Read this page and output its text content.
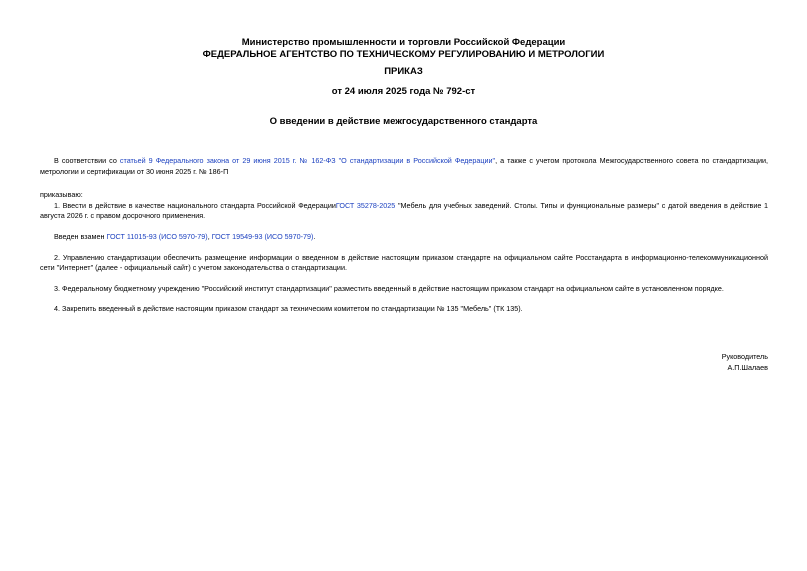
Министерство промышленности и торговли Российской Федерации
ФЕДЕРАЛЬНОЕ АГЕНТСТВО ПО ТЕХНИЧЕСКОМУ РЕГУЛИРОВАНИЮ И МЕТРОЛОГИИ
ПРИКАЗ
от 24 июля 2025 года № 792-ст
О введении в действие межгосударственного стандарта

В соответствии со статьей 9 Федерального закона от 29 июня 2015 г. № 162-ФЗ "О стандартизации в Российской Федерации", а также с учетом протокола Межгосударственного совета по стандартизации, метрологии и сертификации от 30 июня 2025 г. № 186-П

приказываю:

1. Ввести в действие в качестве национального стандарта Российской ФедерацииГОСТ 35278-2025 "Мебель для учебных заведений. Столы. Типы и функциональные размеры" с датой введения в действие 1 августа 2026 г. с правом досрочного применения.

Введен взамен ГОСТ 11015-93 (ИСО 5970-79), ГОСТ 19549-93 (ИСО 5970-79).

2. Управлению стандартизации обеспечить размещение информации о введенном в действие настоящим приказом стандарте на официальном сайте Росстандарта в информационно-телекоммуникационной сети "Интернет" (далее - официальный сайт) с учетом законодательства о стандартизации.

3. Федеральному бюджетному учреждению "Российский институт стандартизации" разместить введенный в действие настоящим приказом стандарт на официальном сайте в установленном порядке.

4. Закрепить введенный в действие настоящим приказом стандарт за техническим комитетом по стандартизации № 135 "Мебель" (ТК 135).

Руководитель
А.П.Шалаев
